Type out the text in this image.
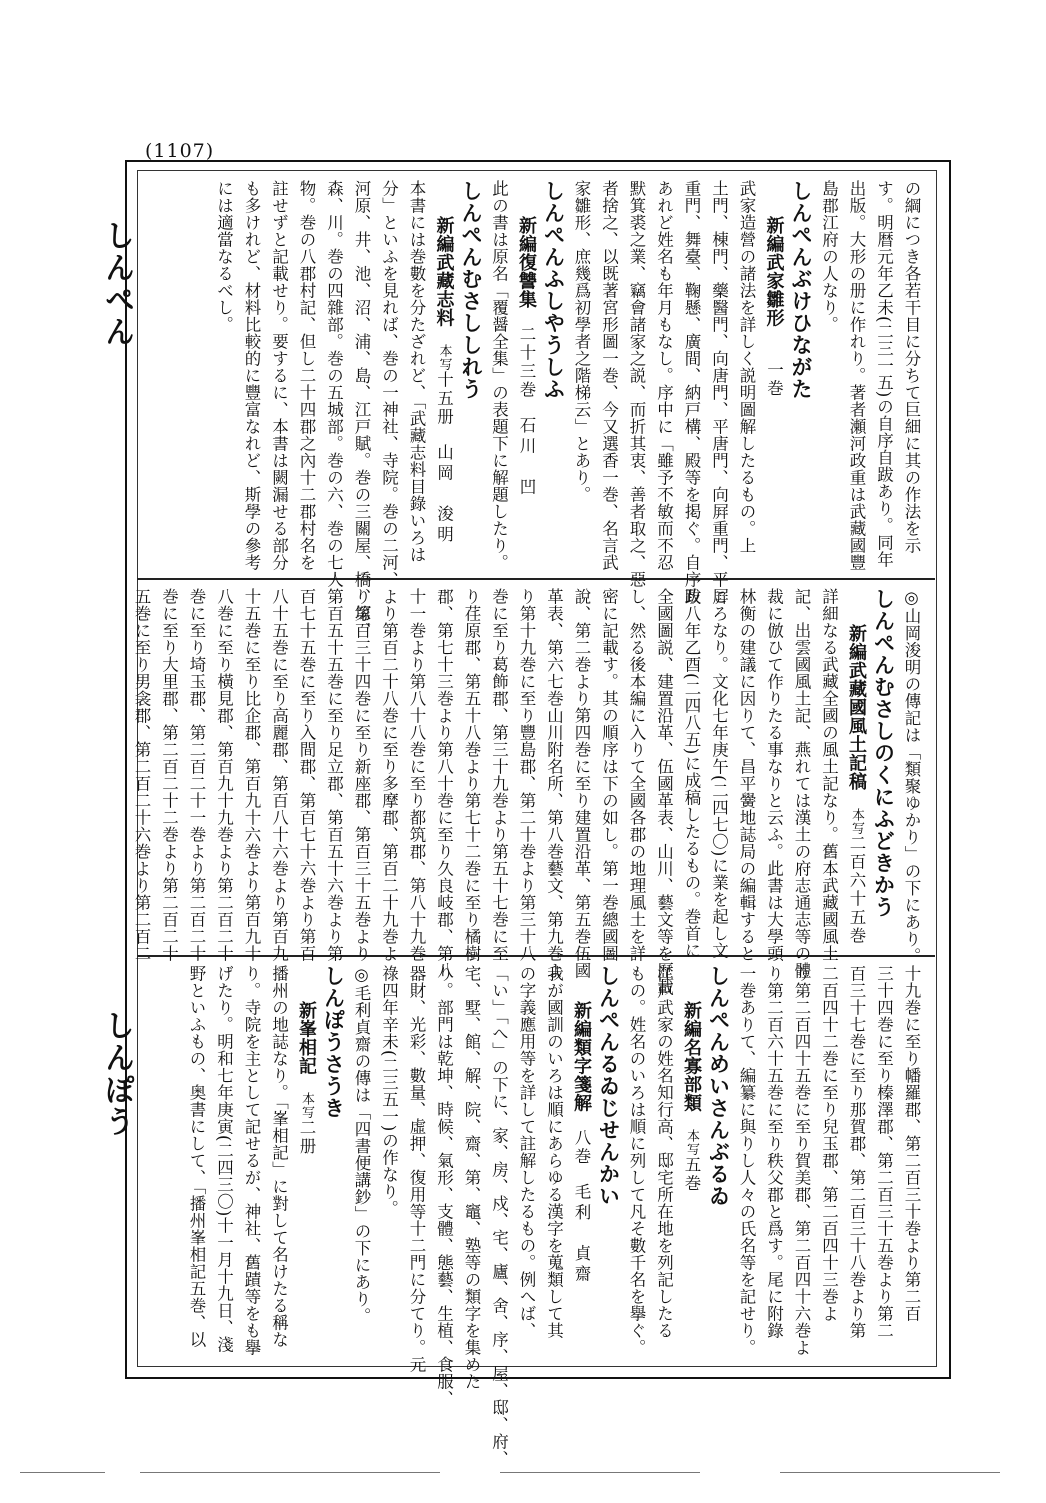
(1107)
しんぺん
しんぽう
の綱につき各若干目に分ちて巨細に其の作法を示
す。明暦元年乙未(二三一五)の自序自跋あり。同年
出版。大形の册に作れり。著者瀬河政重は武藏國豐
島郡江府の人なり。
しんぺんぶけひながた
新編武家雛形　　一巻
武家造營の諸法を詳しく説明圖解したるもの。上
土門、棟門、藥醫門、向唐門、平唐門、向屛重門、平屛
重門、舞臺、鞠懸、廣間、納戸構、殿等を掲ぐ。自序跋
あれど姓名も年月もなし。序中に「雖予不敏而不忍
默箕裘之業、竊會諸家之説、而折其衷、善者取之、惡
者捨之、以既著宮形圖一巻、今又選香一巻、名言武
家雛形、庶幾爲初學者之階梯云」とあり。
しんぺんふしやうしふ
新編復讐集　二十三巻　石川　凹
此の書は原名「覆醤全集」の表題下に解題したり。
しんぺんむさししれう
新編武藏志料　本写十五册　山岡　浚明
本書には巻數を分たざれど、「武藏志料目錄いろは
分」といふを見れば、巻の一神社、寺院。巻の二河、
河原、井、池、沼、浦、島、江戸賦。巻の三關屋、橋、塚、
森、川。巻の四雜部。巻の五城部。巻の六、巻の七人
物。巻の八郡村記、但し二十四郡之內十二郡村名を
註せずと記載せり。要するに、本書は闕漏せる部分
も多けれど、材料比較的に豐富なれど、斯學の參考
には適當なるべし。
◎山岡浚明の傳記は「類聚ゆかり」の下にあり。
しんぺんむさしのくにふどきかう
新編武藏國風土記稿　本写二百六十五巻
詳細なる武藏全國の風土記なり。舊本武藏國風土
記、出雲國風土記、燕れては漢土の府志通志等の體
裁に倣ひて作りたる事なりと云ふ。此書は大學頭
林衡の建議に因りて、昌平黌地誌局の編輯すると
ころなり。文化七年庚午(二四七〇)に業を起し文
政八年乙酉(二四八五)に成稿したるもの。巻首に
全國圖説、建置沿革、伍國革表、山川、藝文等を歷載
し、然る後本編に入りて全國各郡の地理風土を詳
密に記載す。其の順序は下の如し。第一巻總國圖
說、第二巻より第四巻に至り建置沿革、第五巻伍國
革表、第六七巻山川附名所、第八巻藝文、第九巻よ
り第十九巻に至り豐島郡、第二十巻より第三十八
巻に至り葛飾郡、第三十九巻より第五十七巻に至
り荏原郡、第五十八巻より第七十二巻に至り橘樹
郡、第七十三巻より第八十巻に至り久良岐郡、第八
十一巻より第八十八巻に至り都筑郡、第八十九巻
より第百二十八巻に至り多摩郡、第百二十九巻よ
り第百三十四巻に至り新座郡、第百三十五巻より
第百五十五巻に至り足立郡、第百五十六巻より第
百七十五巻に至り入間郡、第百七十六巻より第百
八十五巻に至り高麗郡、第百八十六巻より第百九
十五巻に至り比企郡、第百九十六巻より第百九十
八巻に至り橫見郡、第百九十九巻より第二百二十
巻に至り埼玉郡、第二百二十一巻より第二百二十
巻に至り大里郡、第二百二十二巻より第二百二十
五巻に至り男衾郡、第二百二十六巻より第二百二
十九巻に至り幡羅郡、第二百三十巻より第二百
三十四巻に至り榛澤郡、第二百三十五巻より第二
百三十七巻に至り那賀郡、第二百三十八巻より第
二百四十二巻に至り兒玉郡、第二百四十三巻よ
り第二百四十五巻に至り賀美郡、第二百四十六巻よ
り第二百六十五巻に至り秩父郡と爲す。尾に附錄
一巻ありて、編纂に與りし人々の氏名等を記せり。
しんぺんめいさんぶるゐ
新編名寡部類　本写五巻
江戸武家の姓名知行高、邸宅所在地を列記したる
もの。姓名のいろは順に列して凡そ數千名を擧ぐ。
しんぺんるゐじせんかい
新編類字箋解　八巻　毛利　貞齋
我が國訓のいろは順にあらゆる漢字を蒐類して其
の字義應用等を詳して註解したるもの。例へば、
「い」「へ」の下に、家、房、戍、宅、廬、舍、序、屋、邸、府、
宅、墅、館、解、院、齋、第、竈、塾等の類字を集めた
り。部門は乾坤、時候、氣形、支體、態藝、生植、食服、
器財、光彩、數量、虛押、復用等十二門に分てり。元
祿四年辛未(二三五一)の作なり。
◎毛利貞齋の傳は「四書便講鈔」の下にあり。
しんぽうさうき
新峯相記　本写二册
播州の地誌なり。「峯相記」に對して名けたる稱な
り。寺院を主として記せるが、神社、舊蹟等をも擧
げたり。明和七年庚寅(二四三〇)十一月十九日、淺
野といふもの、奥書にして、「播州峯相記五巻、以
